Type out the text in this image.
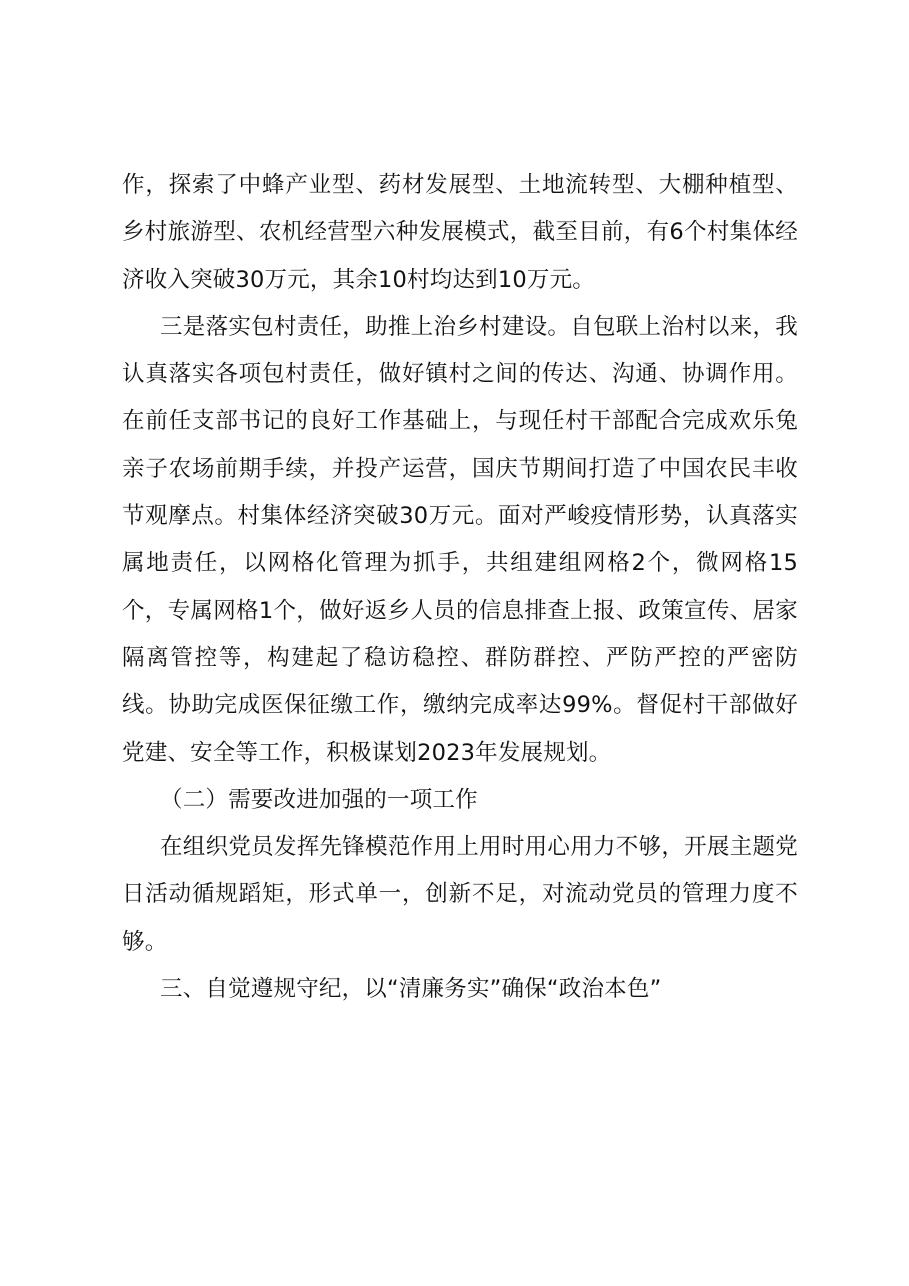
作，探索了中蜂产业型、药材发展型、土地流转型、大棚种植型、乡村旅游型、农机经营型六种发展模式，截至目前，有6个村集体经济收入突破30万元，其余10村均达到10万元。

三是落实包村责任，助推上治乡村建设。自包联上治村以来，我认真落实各项包村责任，做好镇村之间的传达、沟通、协调作用。在前任支部书记的良好工作基础上，与现任村干部配合完成欢乐兔亲子农场前期手续，并投产运营，国庆节期间打造了中国农民丰收节观摩点。村集体经济突破30万元。面对严峻疫情形势，认真落实属地责任，以网格化管理为抓手，共组建组网格2个，微网格15个，专属网格1个，做好返乡人员的信息排查上报、政策宣传、居家隔离管控等，构建起了稳访稳控、群防群控、严防严控的严密防线。协助完成医保征缴工作，缴纳完成率达99%。督促村干部做好党建、安全等工作，积极谋划2023年发展规划。

（二）需要改进加强的一项工作

在组织党员发挥先锋模范作用上用时用心用力不够，开展主题党日活动循规蹈矩，形式单一，创新不足，对流动党员的管理力度不够。

三、自觉遵规守纪，以“清廉务实”确保“政治本色”
